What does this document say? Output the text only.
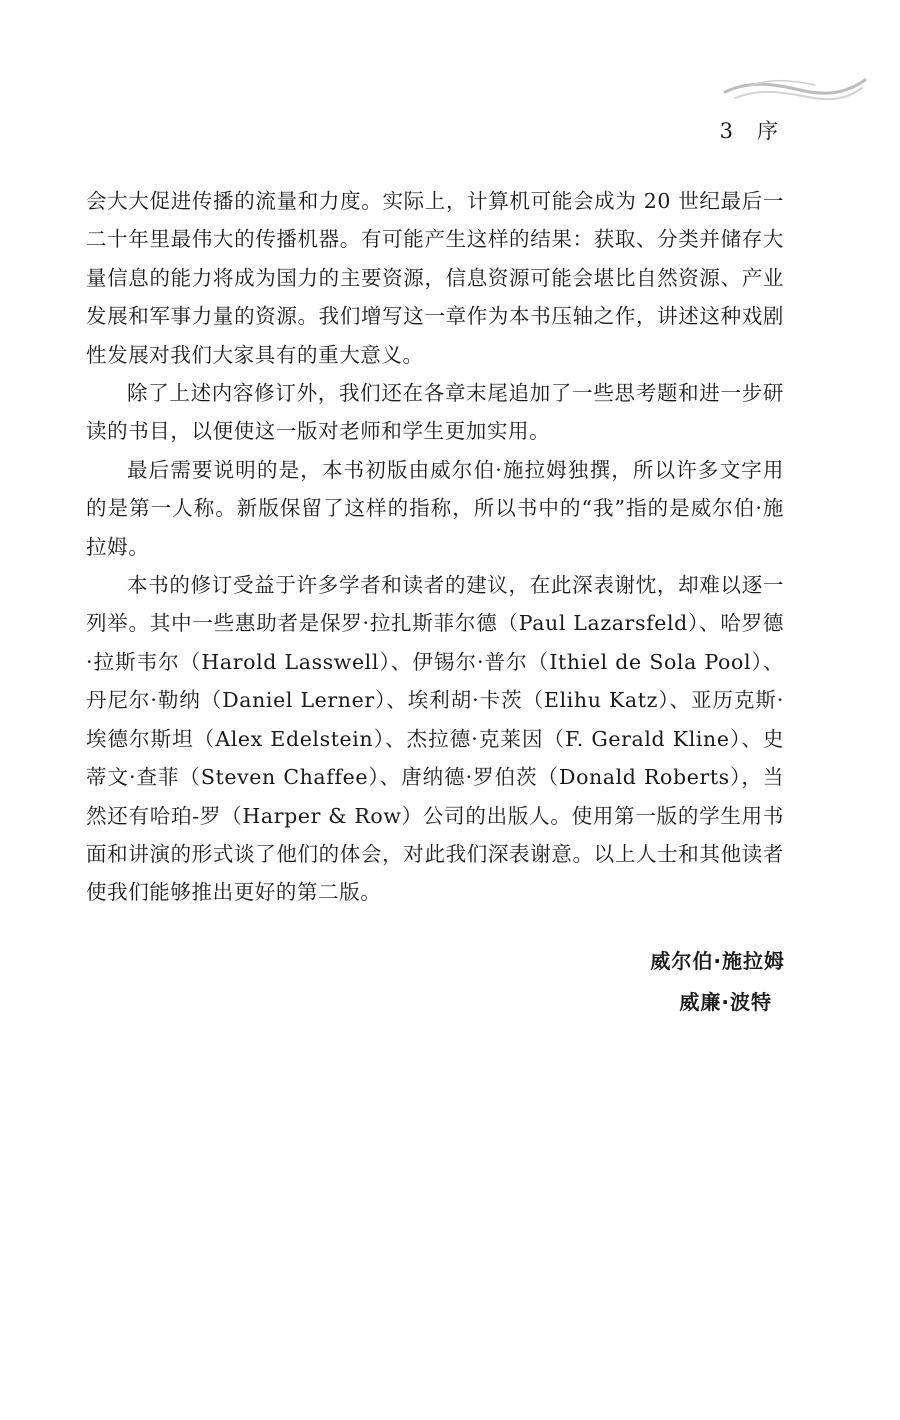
3 序

会大大促进传播的流量和力度。实际上，计算机可能会成为 20 世纪最后一二十年里最伟大的传播机器。有可能产生这样的结果：获取、分类并储存大量信息的能力将成为国力的主要资源，信息资源可能会堪比自然资源、产业发展和军事力量的资源。我们增写这一章作为本书压轴之作，讲述这种戏剧性发展对我们大家具有的重大意义。

除了上述内容修订外，我们还在各章末尾追加了一些思考题和进一步研读的书目，以便使这一版对老师和学生更加实用。

最后需要说明的是，本书初版由威尔伯·施拉姆独撰，所以许多文字用的是第一人称。新版保留了这样的指称，所以书中的“我”指的是威尔伯·施拉姆。

本书的修订受益于许多学者和读者的建议，在此深表谢忱，却难以逐一列举。其中一些惠助者是保罗·拉扎斯菲尔德（Paul Lazarsfeld）、哈罗德·拉斯韦尔（Harold Lasswell）、伊锡尔·普尔（Ithiel de Sola Pool）、丹尼尔·勒纳（Daniel Lerner）、埃利胡·卡茨（Elihu Katz）、亚历克斯·埃德尔斯坦（Alex Edelstein）、杰拉德·克莱因（F. Gerald Kline）、史蒂文·查菲（Steven Chaffee）、唐纳德·罗伯茨（Donald Roberts），当然还有哈珀-罗（Harper & Row）公司的出版人。使用第一版的学生用书面和讲演的形式谈了他们的体会，对此我们深表谢意。以上人士和其他读者使我们能够推出更好的第二版。

威尔伯·施拉姆
威廉·波特
